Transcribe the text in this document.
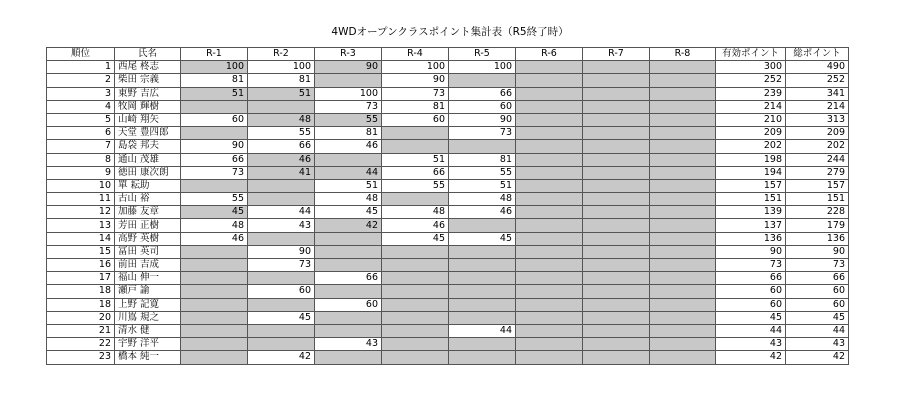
4WDオープンクラスポイント集計表（R5終了時）
順位	氏名	R-1	R-2	R-3	R-4	R-5	R-6	R-7	R-8	有効ポイント	総ポイント
1	西尾 柊志	100	100	90	100	100				300	490
2	柴田 宗義	81	81		90					252	252
3	東野 吉広	51	51	100	73	66				239	341
4	牧岡 輝樹			73	81	60				214	214
5	山崎 翔矢	60	48	55	60	90				210	313
6	天堂 豊四郎		55	81		73				209	209
7	島袋 邦夫	90	66	46						202	202
8	通山 茂雄	66	46		51	81				198	244
9	徳田 康次朗	73	41	44	66	55				194	279
10	單 耘助			51	55	51				157	157
11	古山 裕	55		48		48				151	151
12	加藤 友章	45	44	45	48	46				139	228
13	芳田 正樹	48	43	42	46					137	179
14	高野 英樹	46			45	45				136	136
15	冨田 英司		90							90	90
16	前田 吉成		73							73	73
17	福山 伸一			66						66	66
18	瀬戸 諭		60							60	60
18	上野 記寛			60						60	60
20	川嶌 規之		45							45	45
21	清水 健					44				44	44
22	宇野 洋平			43						43	43
23	橋本 純一		42							42	42
